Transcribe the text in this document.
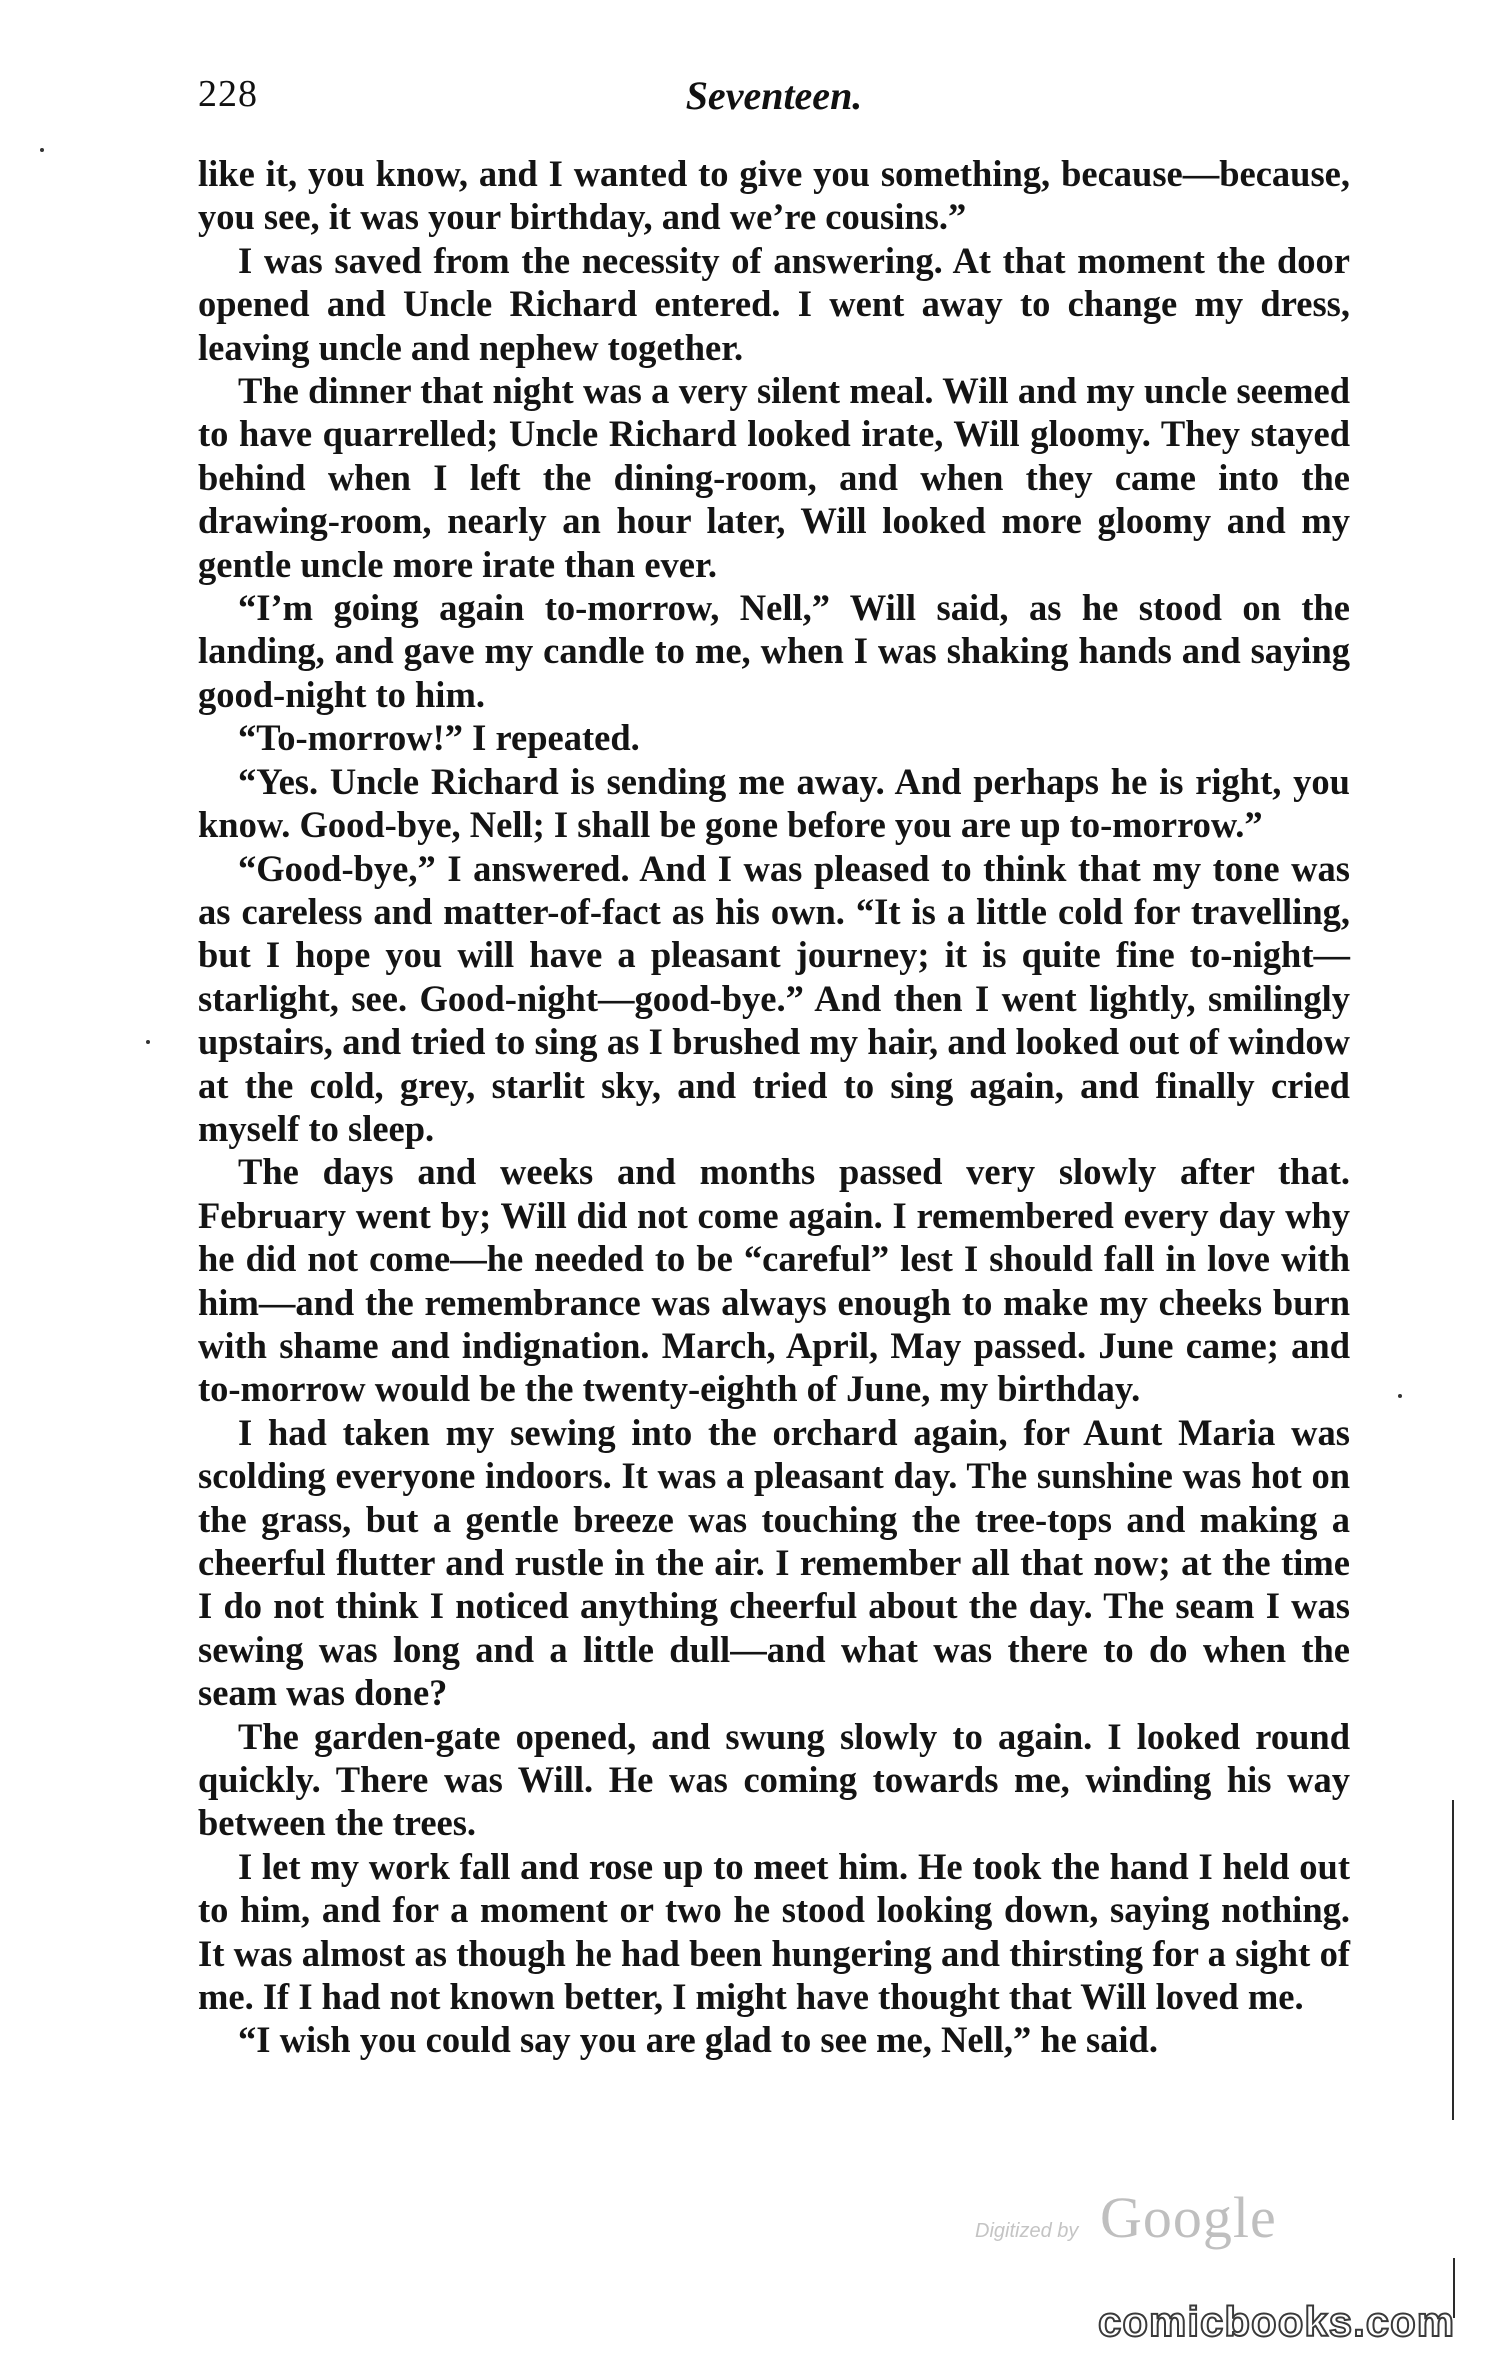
228	Seventeen.

like it, you know, and I wanted to give you something, because—because, you see, it was your birthday, and we’re cousins.”

I was saved from the necessity of answering. At that moment the door opened and Uncle Richard entered. I went away to change my dress, leaving uncle and nephew together.

The dinner that night was a very silent meal. Will and my uncle seemed to have quarrelled; Uncle Richard looked irate, Will gloomy. They stayed behind when I left the dining-room, and when they came into the drawing-room, nearly an hour later, Will looked more gloomy and my gentle uncle more irate than ever.

“I’m going again to-morrow, Nell,” Will said, as he stood on the landing, and gave my candle to me, when I was shaking hands and saying good-night to him.

“To-morrow!” I repeated.

“Yes. Uncle Richard is sending me away. And perhaps he is right, you know. Good-bye, Nell; I shall be gone before you are up to-morrow.”

“Good-bye,” I answered. And I was pleased to think that my tone was as careless and matter-of-fact as his own. “It is a little cold for travelling, but I hope you will have a pleasant journey; it is quite fine to-night—starlight, see. Good-night—good-bye.” And then I went lightly, smilingly upstairs, and tried to sing as I brushed my hair, and looked out of window at the cold, grey, starlit sky, and tried to sing again, and finally cried myself to sleep.

The days and weeks and months passed very slowly after that. February went by; Will did not come again. I remembered every day why he did not come—he needed to be “careful” lest I should fall in love with him—and the remembrance was always enough to make my cheeks burn with shame and indignation. March, April, May passed. June came; and to-morrow would be the twenty-eighth of June, my birthday.

I had taken my sewing into the orchard again, for Aunt Maria was scolding everyone indoors. It was a pleasant day. The sunshine was hot on the grass, but a gentle breeze was touching the tree-tops and making a cheerful flutter and rustle in the air. I remember all that now; at the time I do not think I noticed anything cheerful about the day. The seam I was sewing was long and a little dull—and what was there to do when the seam was done?

The garden-gate opened, and swung slowly to again. I looked round quickly. There was Will. He was coming towards me, winding his way between the trees.

I let my work fall and rose up to meet him. He took the hand I held out to him, and for a moment or two he stood looking down, saying nothing. It was almost as though he had been hungering and thirsting for a sight of me. If I had not known better, I might have thought that Will loved me.

“I wish you could say you are glad to see me, Nell,” he said.

Digitized by Google
comicbooks.com
